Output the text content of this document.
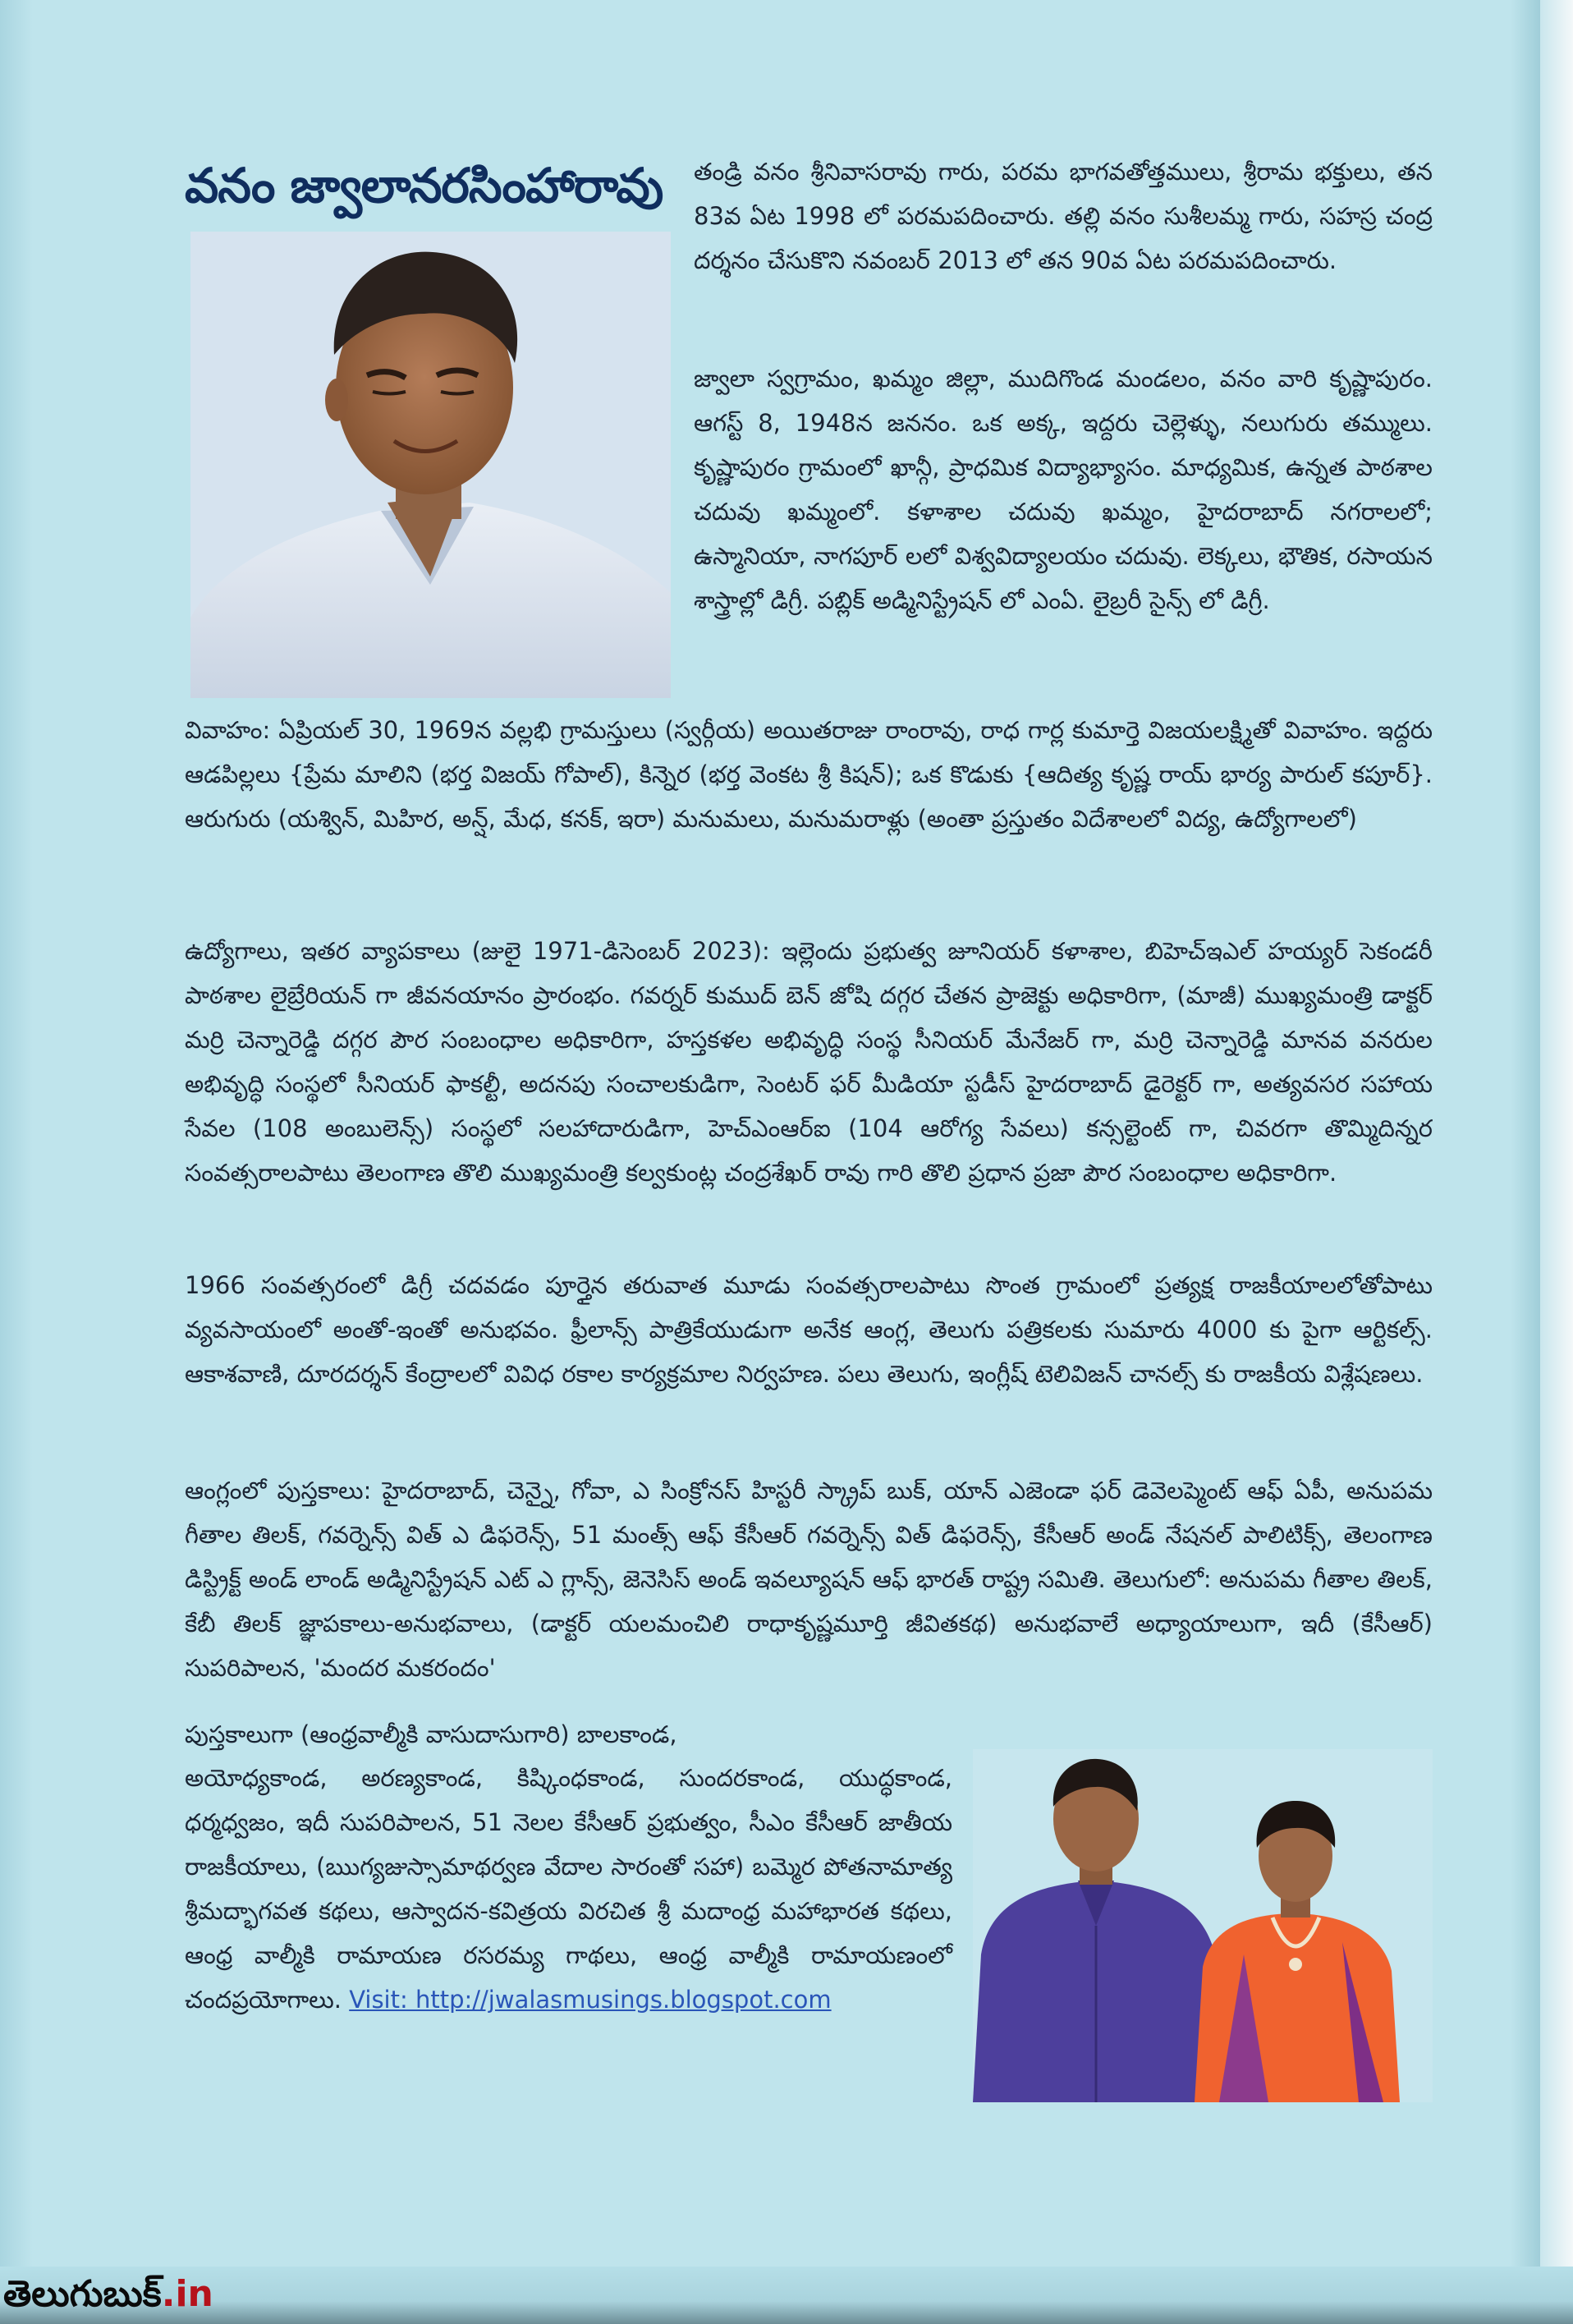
వనం జ్వాలానరసింహారావు తండ్రి వనం శ్రీనివాసరావు గారు, పరమ భాగవతోత్తములు, శ్రీరామ భక్తులు, తన 83వ ఏట 1998 లో పరమపదించారు. తల్లి వనం సుశీలమ్మ గారు, సహస్ర చంద్ర దర్శనం చేసుకొని నవంబర్ 2013 లో తన 90వ ఏట పరమపదించారు.
జ్వాలా స్వగ్రామం, ఖమ్మం జిల్లా, ముదిగొండ మండలం, వనం వారి కృష్ణాపురం. ఆగస్ట్ 8, 1948న జననం. ఒక అక్క, ఇద్దరు చెల్లెళ్ళు, నలుగురు తమ్ములు. కృష్ణాపురం గ్రామంలో ఖాన్గీ, ప్రాధమిక విద్యాభ్యాసం. మాధ్యమిక, ఉన్నత పాఠశాల చదువు ఖమ్మంలో. కళాశాల చదువు ఖమ్మం, హైదరాబాద్ నగరాలలో; ఉస్మానియా, నాగపూర్ లలో విశ్వవిద్యాలయం చదువు. లెక్కలు, భౌతిక, రసాయన శాస్త్రాల్లో డిగ్రీ. పబ్లిక్ అడ్మినిస్ట్రేషన్ లో ఎంఏ. లైబ్రరీ సైన్స్ లో డిగ్రీ.
వివాహం: ఏప్రియల్ 30, 1969న వల్లభి గ్రామస్తులు (స్వర్గీయ) అయితరాజు రాంరావు, రాధ గార్ల కుమార్తె విజయలక్ష్మితో వివాహం. ఇద్దరు ఆడపిల్లలు {ప్రేమ మాలిని (భర్త విజయ్ గోపాల్), కిన్నెర (భర్త వెంకట శ్రీ కిషన్); ఒక కొడుకు {ఆదిత్య కృష్ణ రాయ్ భార్య పారుల్ కపూర్}. ఆరుగురు (యశ్విన్, మిహిర, అన్ష్, మేధ, కనక్, ఇరా) మనుమలు, మనుమరాళ్లు (అంతా ప్రస్తుతం విదేశాలలో విద్య, ఉద్యోగాలలో)
ఉద్యోగాలు, ఇతర వ్యాపకాలు (జులై 1971-డిసెంబర్ 2023): ఇల్లెందు ప్రభుత్వ జూనియర్ కళాశాల, బిహెచ్ఇఎల్ హయ్యర్ సెకండరీ పాఠశాల లైబ్రేరియన్ గా జీవనయానం ప్రారంభం. గవర్నర్ కుముద్ బెన్ జోషి దగ్గర చేతన ప్రాజెక్టు అధికారిగా, (మాజీ) ముఖ్యమంత్రి డాక్టర్ మర్రి చెన్నారెడ్డి దగ్గర పౌర సంబంధాల అధికారిగా, హస్తకళల అభివృద్ధి సంస్థ సీనియర్ మేనేజర్ గా, మర్రి చెన్నారెడ్డి మానవ వనరుల అభివృద్ధి సంస్థలో సీనియర్ ఫాకల్టీ, అదనపు సంచాలకుడిగా, సెంటర్ ఫర్ మీడియా స్టడీస్ హైదరాబాద్ డైరెక్టర్ గా, అత్యవసర సహాయ సేవల (108 అంబులెన్స్) సంస్థలో సలహాదారుడిగా, హెచ్ఎంఆర్ఐ (104 ఆరోగ్య సేవలు) కన్సల్టెంట్ గా, చివరగా తొమ్మిదిన్నర సంవత్సరాలపాటు తెలంగాణ తొలి ముఖ్యమంత్రి కల్వకుంట్ల చంద్రశేఖర్ రావు గారి తొలి ప్రధాన ప్రజా పౌర సంబంధాల అధికారిగా.
1966 సంవత్సరంలో డిగ్రీ చదవడం పూర్తైన తరువాత మూడు సంవత్సరాలపాటు సొంత గ్రామంలో ప్రత్యక్ష రాజకీయాలలోతోపాటు వ్యవసాయంలో అంతో-ఇంతో అనుభవం. ఫ్రీలాన్స్ పాత్రికేయుడుగా అనేక ఆంగ్ల, తెలుగు పత్రికలకు సుమారు 4000 కు పైగా ఆర్టికల్స్. ఆకాశవాణి, దూరదర్శన్ కేంద్రాలలో వివిధ రకాల కార్యక్రమాల నిర్వహణ. పలు తెలుగు, ఇంగ్లీష్ టెలివిజన్ చానల్స్ కు రాజకీయ విశ్లేషణలు.
ఆంగ్లంలో పుస్తకాలు: హైదరాబాద్, చెన్నై, గోవా, ఎ సింక్రోనస్ హిస్టరీ స్క్రాప్ బుక్, యాన్ ఎజెండా ఫర్ డెవెలప్మెంట్ ఆఫ్ ఏపీ, అనుపమ గీతాల తిలక్, గవర్నెన్స్ విత్ ఎ డిఫరెన్స్, 51 మంత్స్ ఆఫ్ కేసీఆర్ గవర్నెన్స్ విత్ డిఫరెన్స్, కేసీఆర్ అండ్ నేషనల్ పాలిటిక్స్, తెలంగాణ డిస్ట్రిక్ట్ అండ్ లాండ్ అడ్మినిస్ట్రేషన్ ఎట్ ఎ గ్లాన్స్, జెనెసిస్ అండ్ ఇవల్యూషన్ ఆఫ్ భారత్ రాష్ట్ర సమితి. తెలుగులో: అనుపమ గీతాల తిలక్, కేబీ తిలక్ జ్ఞాపకాలు-అనుభవాలు, (డాక్టర్ యలమంచిలి రాధాకృష్ణమూర్తి జీవితకథ) అనుభవాలే అధ్యాయాలుగా, ఇదీ (కేసీఆర్) సుపరిపాలన, 'మందర మకరందం'
పుస్తకాలుగా (ఆంధ్రవాల్మీకి వాసుదాసుగారి) బాలకాండ,
అయోధ్యకాండ, అరణ్యకాండ, కిష్కింధకాండ, సుందరకాండ, యుద్ధకాండ, ధర్మధ్వజం, ఇదీ సుపరిపాలన, 51 నెలల కేసీఆర్ ప్రభుత్వం, సీఎం కేసీఆర్ జాతీయ రాజకీయాలు, (ఋగ్యజుస్సామాథర్వణ వేదాల సారంతో సహా) బమ్మెర పోతనామాత్య శ్రీమద్భాగవత కథలు, ఆస్వాదన-కవిత్రయ విరచిత శ్రీ మదాంధ్ర మహాభారత కథలు, ఆంధ్ర వాల్మీకి రామాయణ రసరమ్య గాథలు, ఆంధ్ర వాల్మీకి రామాయణంలో చందప్రయోగాలు. Visit: http://jwalasmusings.blogspot.com
తెలుగుబుక్.in
